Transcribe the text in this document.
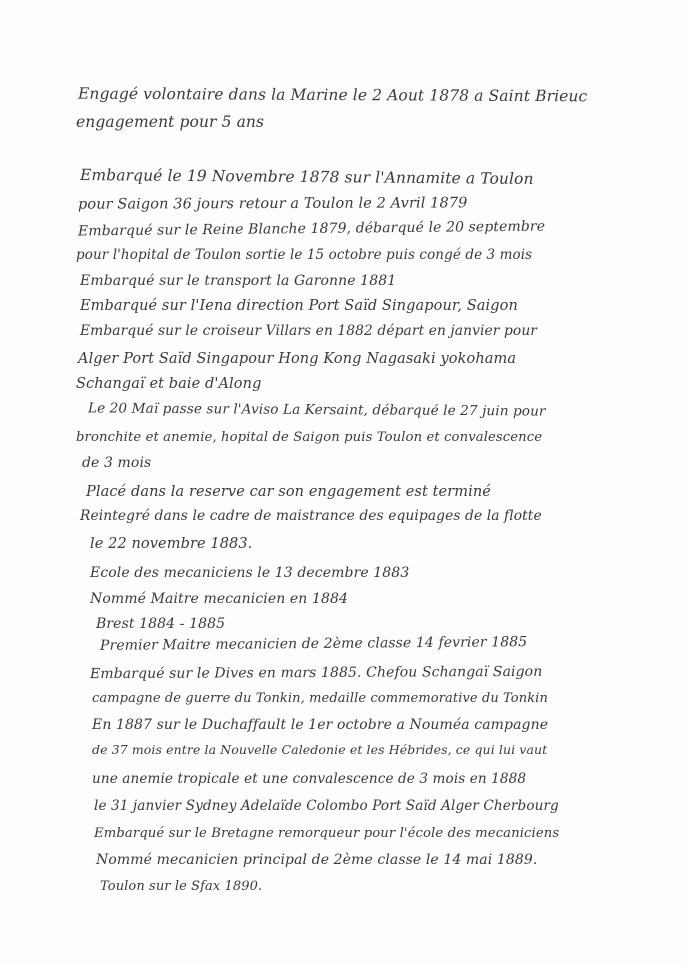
Engagé volontaire dans la Marine le 2 Aout 1878 a Saint Brieuc
engagement pour 5 ans
Embarqué le 19 Novembre 1878 sur l'Annamite a Toulon
pour Saigon 36 jours retour a Toulon le 2 Avril 1879
Embarqué sur le Reine Blanche 1879, débarqué le 20 septembre
pour l'hopital de Toulon sortie le 15 octobre puis congé de 3 mois
Embarqué sur le transport la Garonne 1881
Embarqué sur l'Iena direction Port Saïd Singapour, Saigon
Embarqué sur le croiseur Villars en 1882 départ en janvier pour
Alger Port Saïd Singapour Hong Kong Nagasaki yokohama
Schangaï et baie d'Along
Le 20 Maï passe sur l'Aviso La Kersaint, débarqué le 27 juin pour
bronchite et anemie, hopital de Saigon puis Toulon et convalescence
de 3 mois
Placé dans la reserve car son engagement est terminé
Reintegré dans le cadre de maistrance des equipages de la flotte
le 22 novembre 1883.
Ecole des mecaniciens le 13 decembre 1883
Nommé Maitre mecanicien en 1884
Brest 1884 - 1885
Premier Maitre mecanicien de 2ème classe 14 fevrier 1885
Embarqué sur le Dives en mars 1885. Chefou Schangaï Saigon
campagne de guerre du Tonkin, medaille commemorative du Tonkin
En 1887 sur le Duchaffault le 1er octobre a Nouméa campagne
de 37 mois entre la Nouvelle Caledonie et les Hébrides, ce qui lui vaut
une anemie tropicale et une convalescence de 3 mois en 1888
le 31 janvier Sydney Adelaïde Colombo Port Saïd Alger Cherbourg
Embarqué sur le Bretagne remorqueur pour l'école des mecaniciens
Nommé mecanicien principal de 2ème classe le 14 mai 1889.
Toulon sur le Sfax 1890.
